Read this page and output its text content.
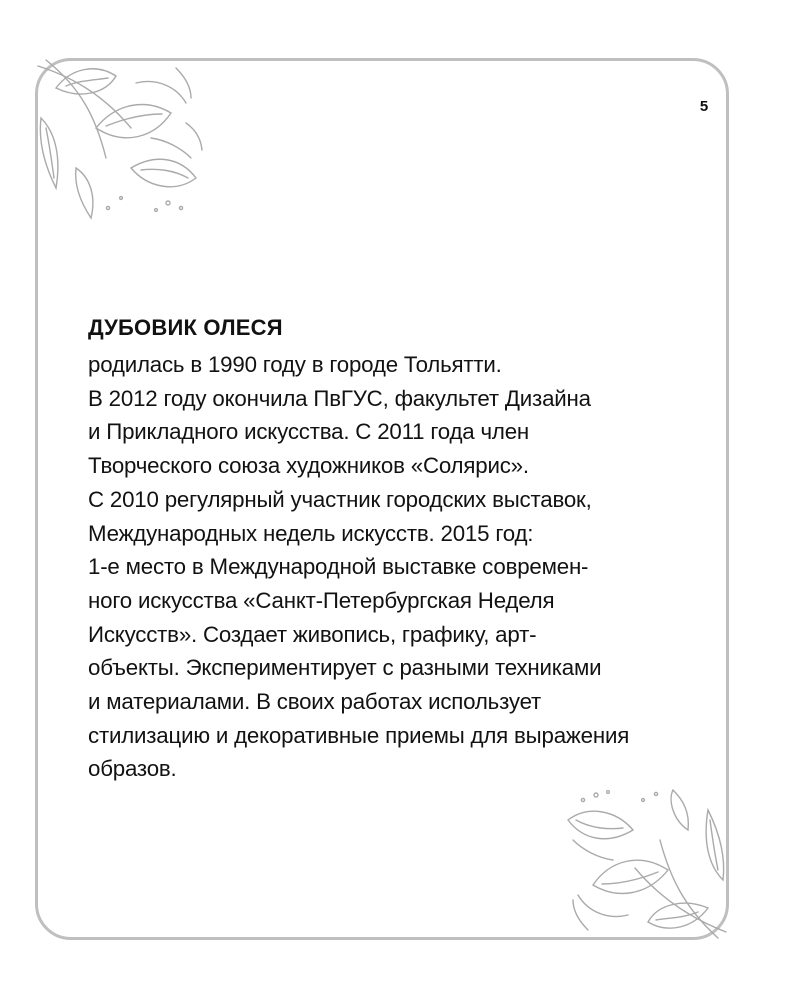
5
ДУБОВИК ОЛЕСЯ

родилась в 1990 году в городе Тольятти.

В 2012 году окончила ПвГУС, факультет Дизайна

и Прикладного искусства. С 2011 года член

Творческого союза художников «Солярис».

С 2010 регулярный участник городских выставок,

Международных недель искусств. 2015 год:

1-е место в Международной выставке современ-

ного искусства «Санкт-Петербургская Неделя

Искусств». Создает живопись, графику, арт-

объекты. Экспериментирует с разными техниками

и материалами. В своих работах использует

стилизацию и декоративные приемы для выражения

образов.
